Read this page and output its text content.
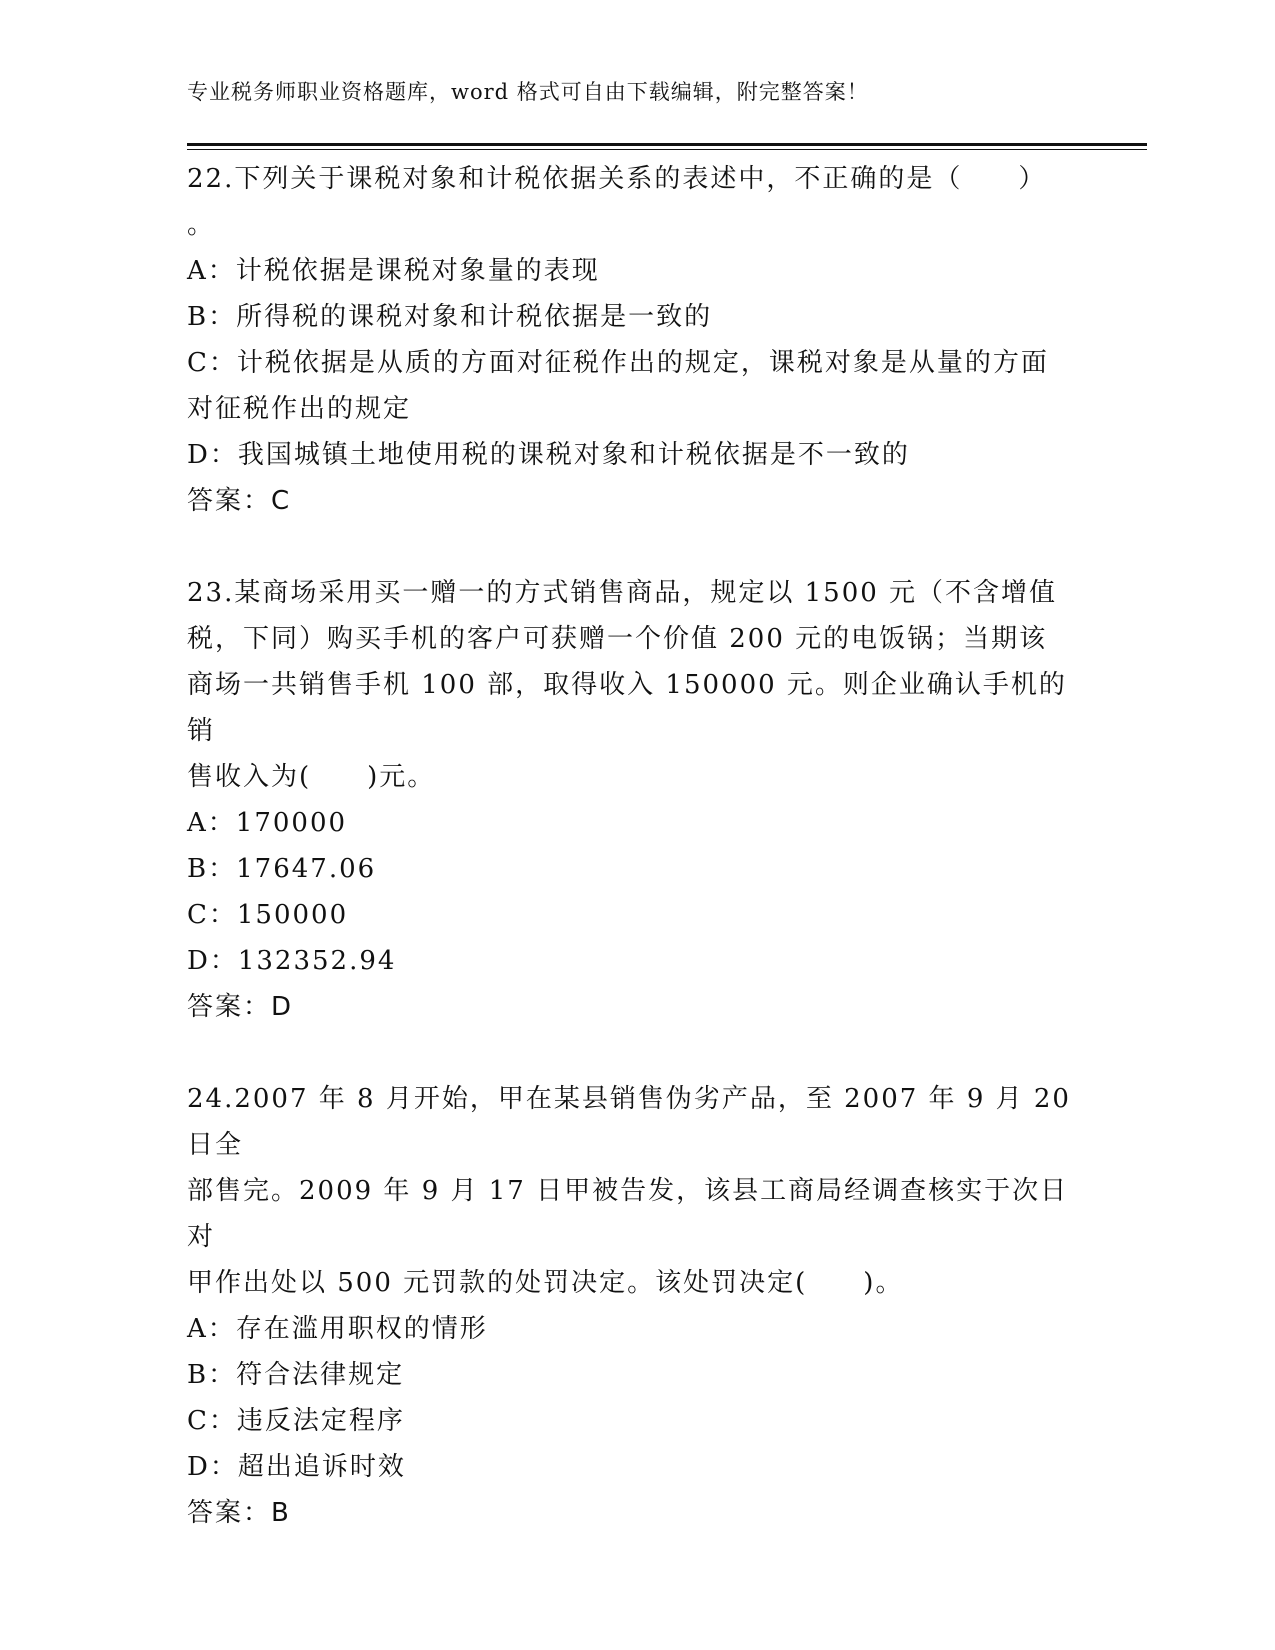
专业税务师职业资格题库，word 格式可自由下载编辑，附完整答案！

22.下列关于课税对象和计税依据关系的表述中，不正确的是（　　）

。

A：计税依据是课税对象量的表现

B：所得税的课税对象和计税依据是一致的

C：计税依据是从质的方面对征税作出的规定，课税对象是从量的方面

对征税作出的规定

D：我国城镇土地使用税的课税对象和计税依据是不一致的

答案：C

23.某商场采用买一赠一的方式销售商品，规定以 1500 元（不含增值

税，下同）购买手机的客户可获赠一个价值 200 元的电饭锅；当期该

商场一共销售手机 100 部，取得收入 150000 元。则企业确认手机的销

售收入为(　　)元。

A：170000

B：17647.06

C：150000

D：132352.94

答案：D

24.2007 年 8 月开始，甲在某县销售伪劣产品，至 2007 年 9 月 20 日全

部售完。2009 年 9 月 17 日甲被告发，该县工商局经调查核实于次日对

甲作出处以 500 元罚款的处罚决定。该处罚决定(　　)。

A：存在滥用职权的情形

B：符合法律规定

C：违反法定程序

D：超出追诉时效

答案：B
